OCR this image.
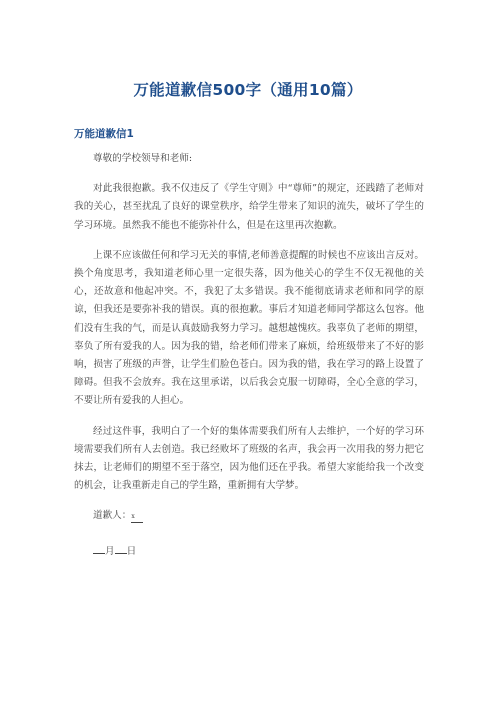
万能道歉信500字（通用10篇）
万能道歉信1

尊敬的学校领导和老师:

对此我很抱歉。我不仅违反了《学生守则》中“尊师”的规定，还践踏了老师对我的关心，甚至扰乱了良好的课堂秩序，给学生带来了知识的流失，破坏了学生的学习环境。虽然我不能也不能弥补什么，但是在这里再次抱歉。

上课不应该做任何和学习无关的事情,老师善意提醒的时候也不应该出言反对。换个角度思考，我知道老师心里一定很失落，因为他关心的学生不仅无视他的关心，还故意和他起冲突。不，我犯了太多错误。我不能彻底请求老师和同学的原谅，但我还是要弥补我的错误。真的很抱歉。事后才知道老师同学都这么包容。他们没有生我的气，而是认真鼓励我努力学习。越想越愧疚。我辜负了老师的期望，辜负了所有爱我的人。因为我的错，给老师们带来了麻烦，给班级带来了不好的影响，损害了班级的声誉，让学生们脸色苍白。因为我的错，我在学习的路上设置了障碍。但我不会放弃。我在这里承诺，以后我会克服一切障碍，全心全意的学习，不要让所有爱我的人担心。

经过这件事，我明白了一个好的集体需要我们所有人去维护，一个好的学习环境需要我们所有人去创造。我已经败坏了班级的名声，我会再一次用我的努力把它抹去，让老师们的期望不至于落空，因为他们还在乎我。希望大家能给我一个改变的机会，让我重新走自己的学生路，重新拥有大学梦。

道歉人：x

月 日
